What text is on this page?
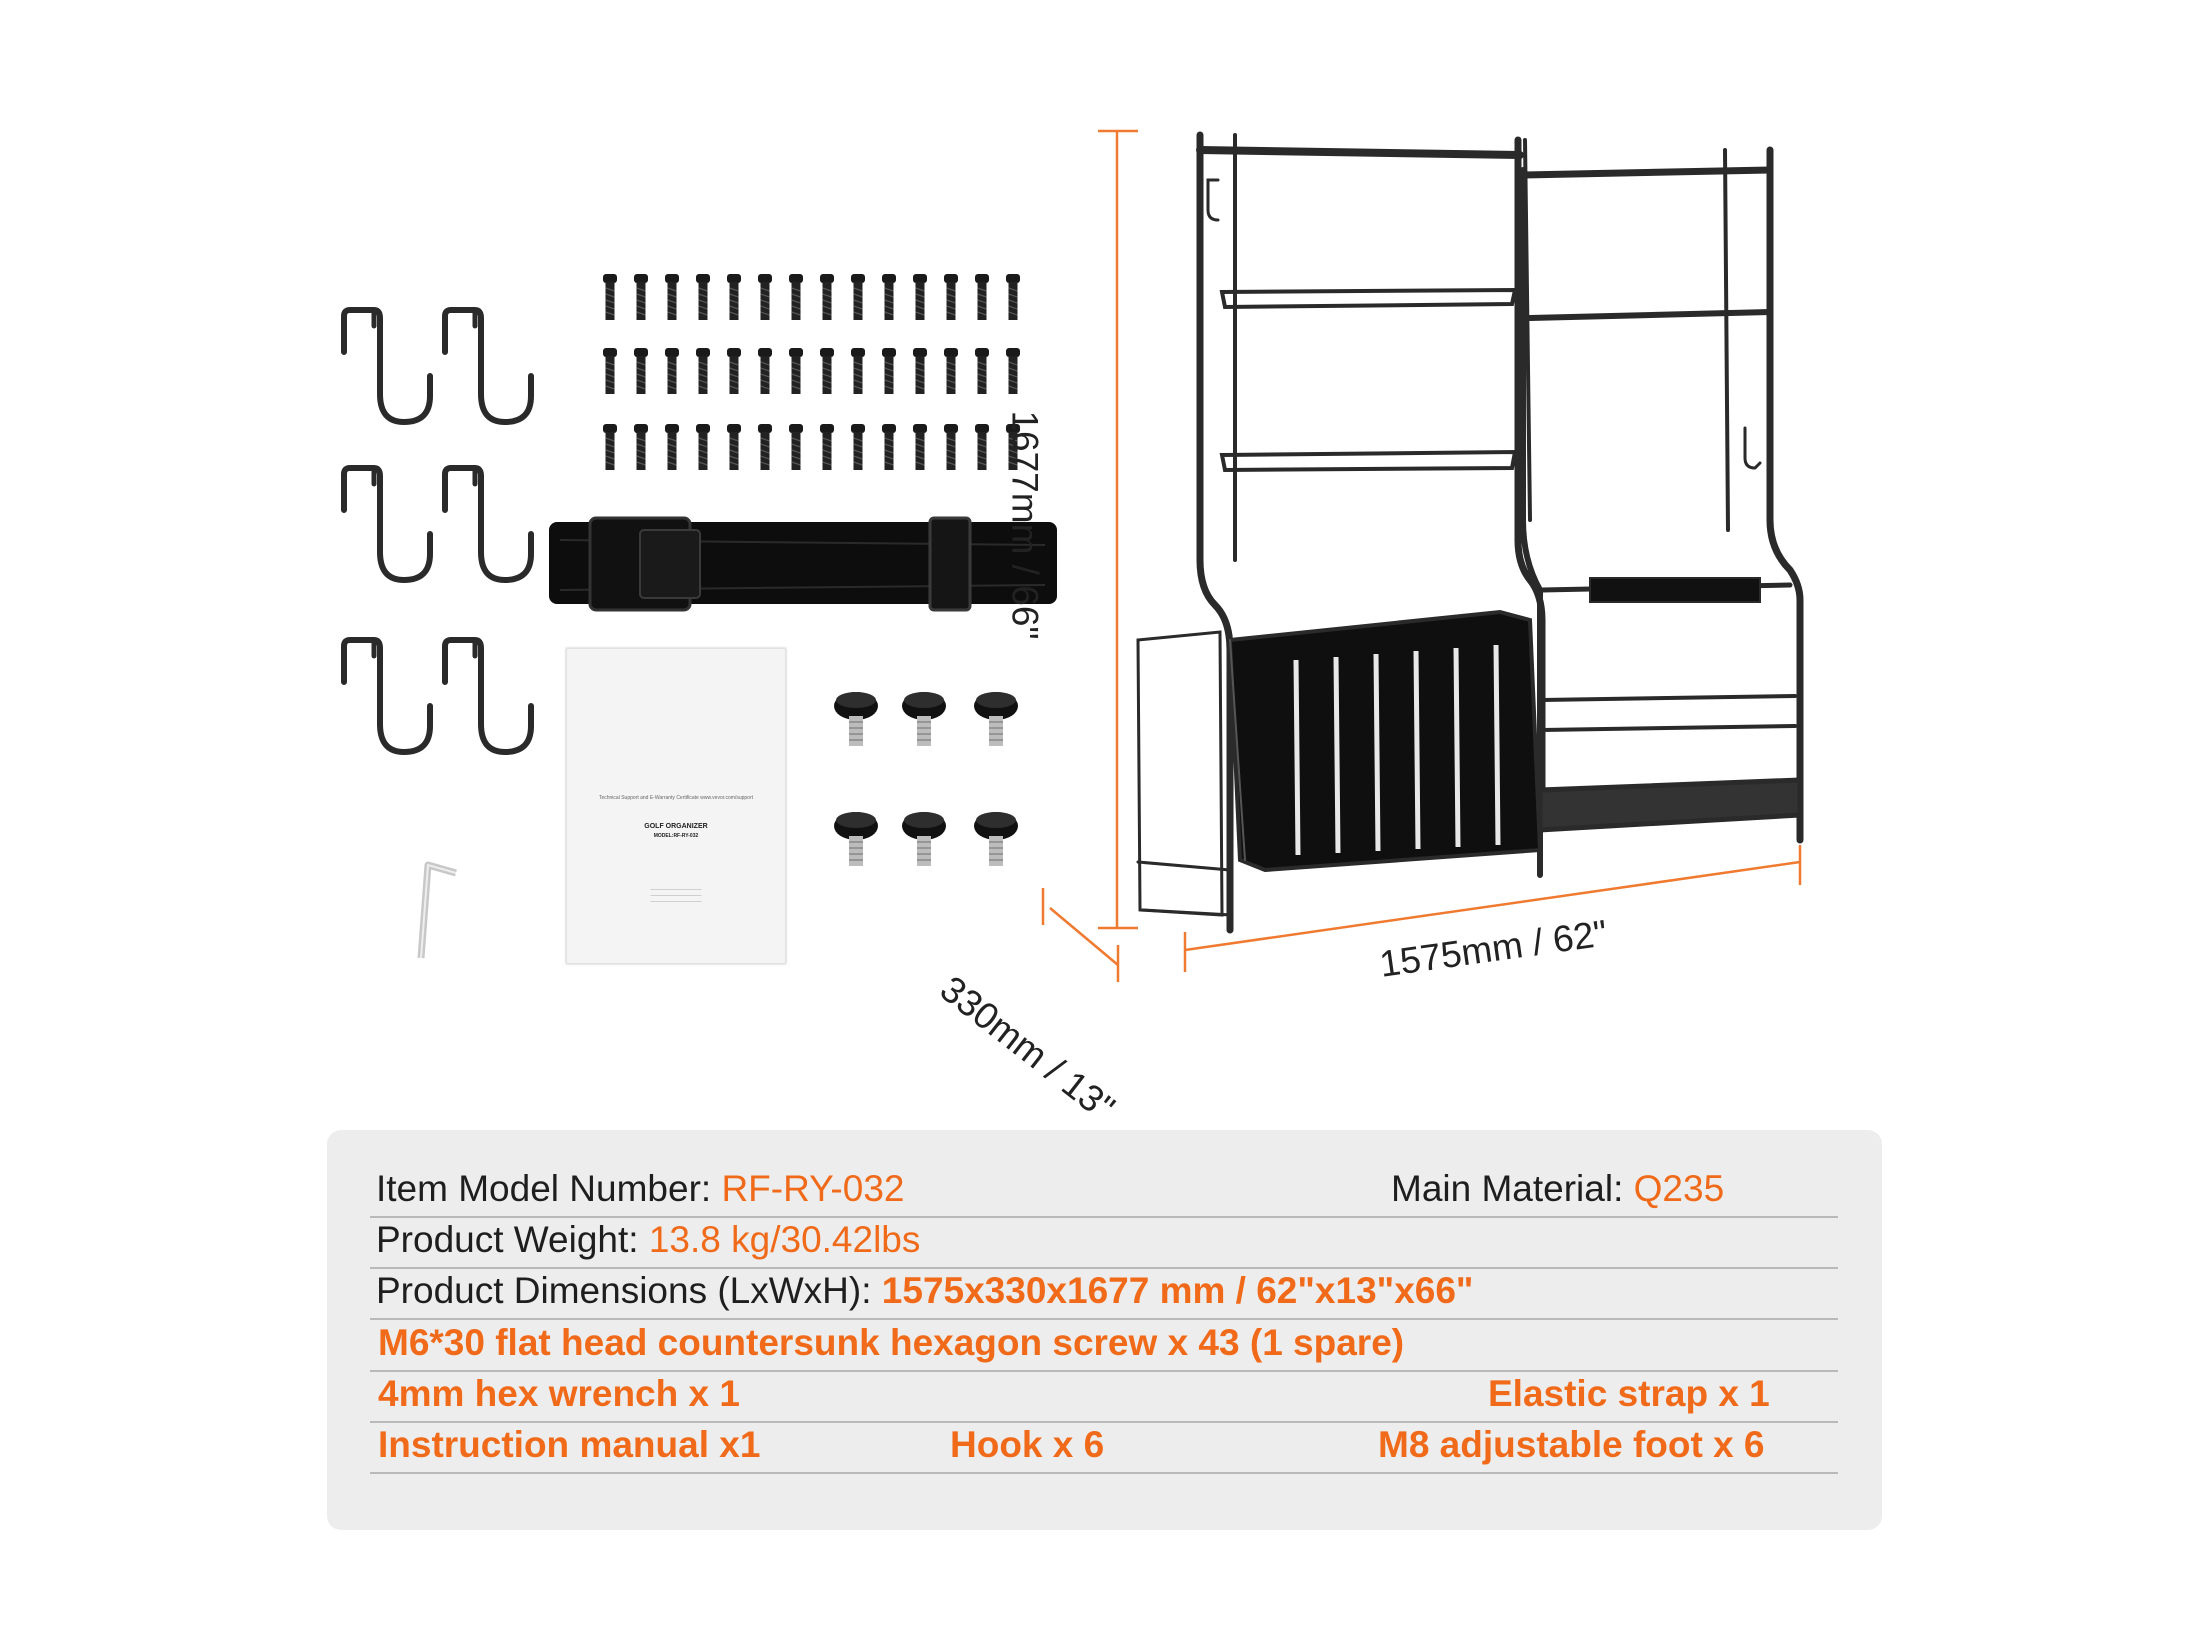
Technical Support and E-Warranty Certificate www.vevor.com/support
GOLF ORGANIZER
MODEL:RF-RY-032
──────────────────
──────────────────
──────────────────
1677mm / 66"
1575mm / 62"
330mm / 13"
Item Model Number: RF-RY-032	Main Material: Q235
Product Weight: 13.8 kg/30.42lbs
Product Dimensions (LxWxH): 1575x330x1677 mm / 62"x13"x66"
M6*30 flat head countersunk hexagon screw x 43 (1 spare)
4mm hex wrench x 1	Elastic strap x 1
Instruction manual x1	Hook x 6	M8 adjustable foot x 6
